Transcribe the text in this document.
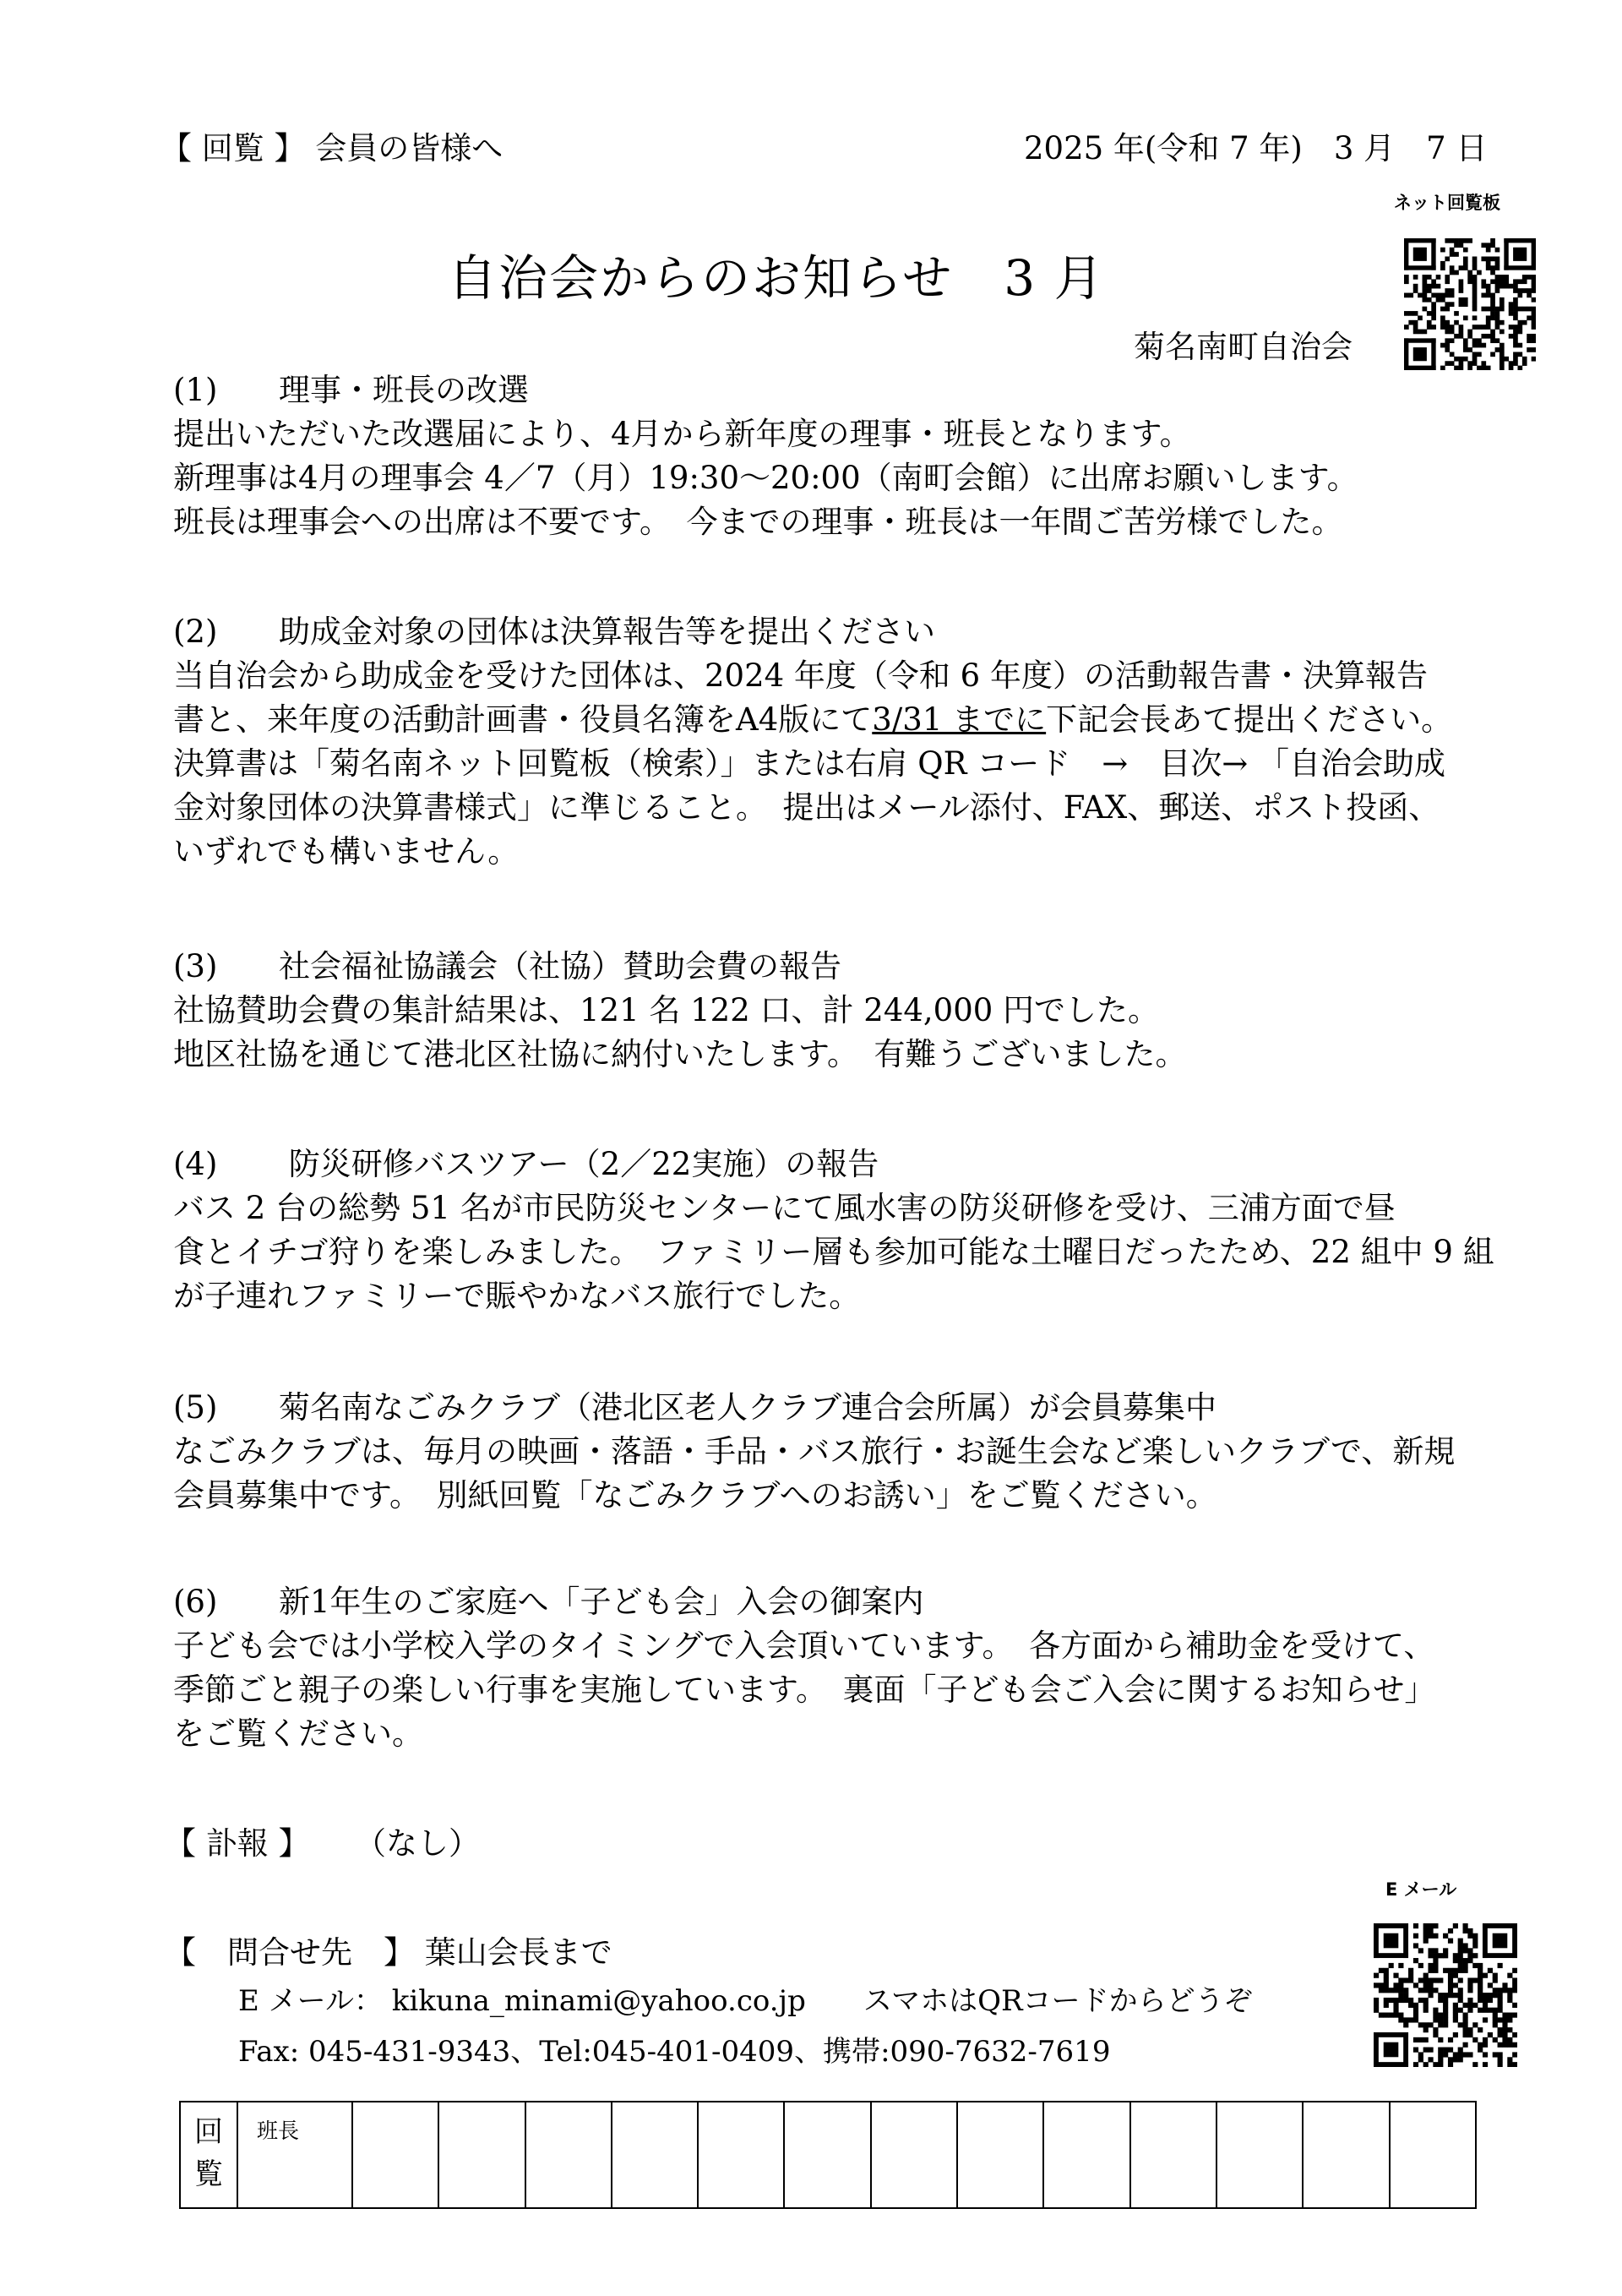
【 回覧 】 会員の皆様へ	2025 年(令和 7 年)　3 月　7 日
ネット回覧板
自治会からのお知らせ　3 月
菊名南町自治会
(1) 理事・班長の改選
提出いただいた改選届により、4月から新年度の理事・班長となります。
新理事は4月の理事会 4／7（月）19:30～20:00（南町会館）に出席お願いします。
班長は理事会への出席は不要です。　今までの理事・班長は一年間ご苦労様でした。
(2) 助成金対象の団体は決算報告等を提出ください
当自治会から助成金を受けた団体は、2024 年度（令和 6 年度）の活動報告書・決算報告
書と、来年度の活動計画書・役員名簿をA4版にて3/31 までに下記会長あて提出ください。
決算書は「菊名南ネット回覧板（検索）」または右肩 QR コード　→　目次→ 「自治会助成
金対象団体の決算書様式」に準じること。　提出はメール添付、FAX、郵送、ポスト投函、
いずれでも構いません。
(3) 社会福祉協議会（社協）賛助会費の報告
社協賛助会費の集計結果は、121 名 122 口、計 244,000 円でした。
地区社協を通じて港北区社協に納付いたします。　有難うございました。
(4) 防災研修バスツアー（2／22実施）の報告
バス 2 台の総勢 51 名が市民防災センターにて風水害の防災研修を受け、三浦方面で昼
食とイチゴ狩りを楽しみました。　ファミリー層も参加可能な土曜日だったため、22 組中 9 組
が子連れファミリーで賑やかなバス旅行でした。
(5) 菊名南なごみクラブ（港北区老人クラブ連合会所属）が会員募集中
なごみクラブは、毎月の映画・落語・手品・バス旅行・お誕生会など楽しいクラブで、新規
会員募集中です。　別紙回覧「なごみクラブへのお誘い」をご覧ください。
(6) 新1年生のご家庭へ「子ども会」入会の御案内
子ども会では小学校入学のタイミングで入会頂いています。　各方面から補助金を受けて、
季節ごと親子の楽しい行事を実施しています。　裏面「子ども会ご入会に関するお知らせ」
をご覧ください。
【 訃報 】 （なし）
E メール
【　問合せ先　】 葉山会長まで
E メール： kikuna_minami@yahoo.co.jp　　スマホはQRコードからどうぞ
Fax: 045-431-9343、Tel:045-401-0409、携帯:090-7632-7619
回
覧
	班長													
